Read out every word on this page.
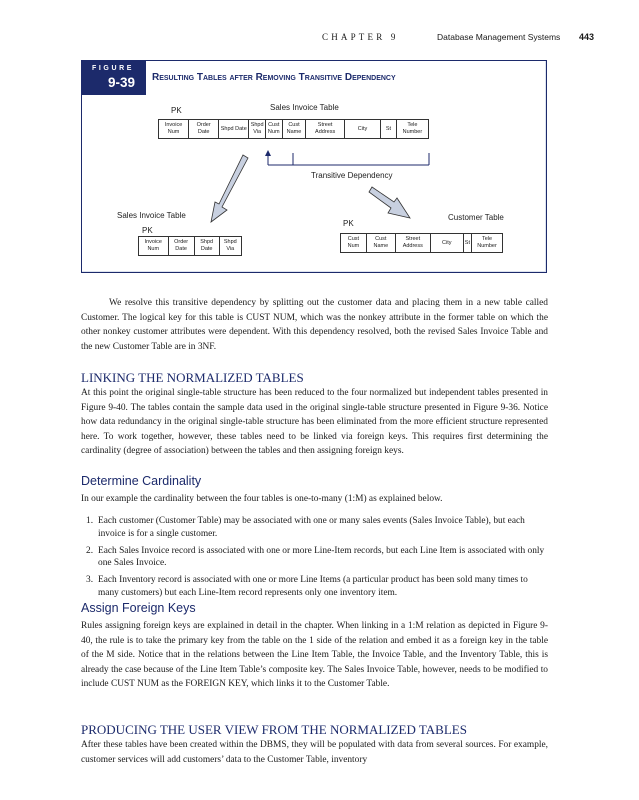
CHAPTER 9	Database Management Systems 443
FIGURE
9-39	Resulting Tables after Removing Transitive Dependency
Sales Invoice Table
PK
Invoice Num	Order Date	Shpd Date	Shpd Via	Cust Num	Cust Name	Street Address	City	St	Tele Number
Transitive Dependency
Sales Invoice Table
PK
Invoice Num	Order Date	Shpd Date	Shpd Via
Customer Table
PK
Cust Num	Cust Name	Street Address	City	St	Tele Number

We resolve this transitive dependency by splitting out the customer data and placing them in a new table called Customer. The logical key for this table is CUST NUM, which was the nonkey attribute in the former table on which the other nonkey customer attributes were dependent. With this dependency resolved, both the revised Sales Invoice Table and the new Customer Table are in 3NF.

LINKING THE NORMALIZED TABLES

At this point the original single-table structure has been reduced to the four normalized but independent tables presented in Figure 9-40. The tables contain the sample data used in the original single-table structure presented in Figure 9-36. Notice how data redundancy in the original single-table structure has been eliminated from the more efficient structure represented here. To work together, however, these tables need to be linked via foreign keys. This requires first determining the cardinality (degree of association) between the tables and then assigning foreign keys.

Determine Cardinality

In our example the cardinality between the four tables is one-to-many (1:M) as explained below.

1. Each customer (Customer Table) may be associated with one or many sales events (Sales Invoice Table), but each invoice is for a single customer.
2. Each Sales Invoice record is associated with one or more Line-Item records, but each Line Item is associated with only one Sales Invoice.
3. Each Inventory record is associated with one or more Line Items (a particular product has been sold many times to many customers) but each Line-Item record represents only one inventory item.
Assign Foreign Keys

Rules assigning foreign keys are explained in detail in the chapter. When linking in a 1:M relation as depicted in Figure 9-40, the rule is to take the primary key from the table on the 1 side of the relation and embed it as a foreign key in the table of the M side. Notice that in the relations between the Line Item Table, the Invoice Table, and the Inventory Table, this is already the case because of the Line Item Table’s composite key. The Sales Invoice Table, however, needs to be modified to include CUST NUM as the FOREIGN KEY, which links it to the Customer Table.

PRODUCING THE USER VIEW FROM THE NORMALIZED TABLES

After these tables have been created within the DBMS, they will be populated with data from several sources. For example, customer services will add customers’ data to the Customer Table, inventory
